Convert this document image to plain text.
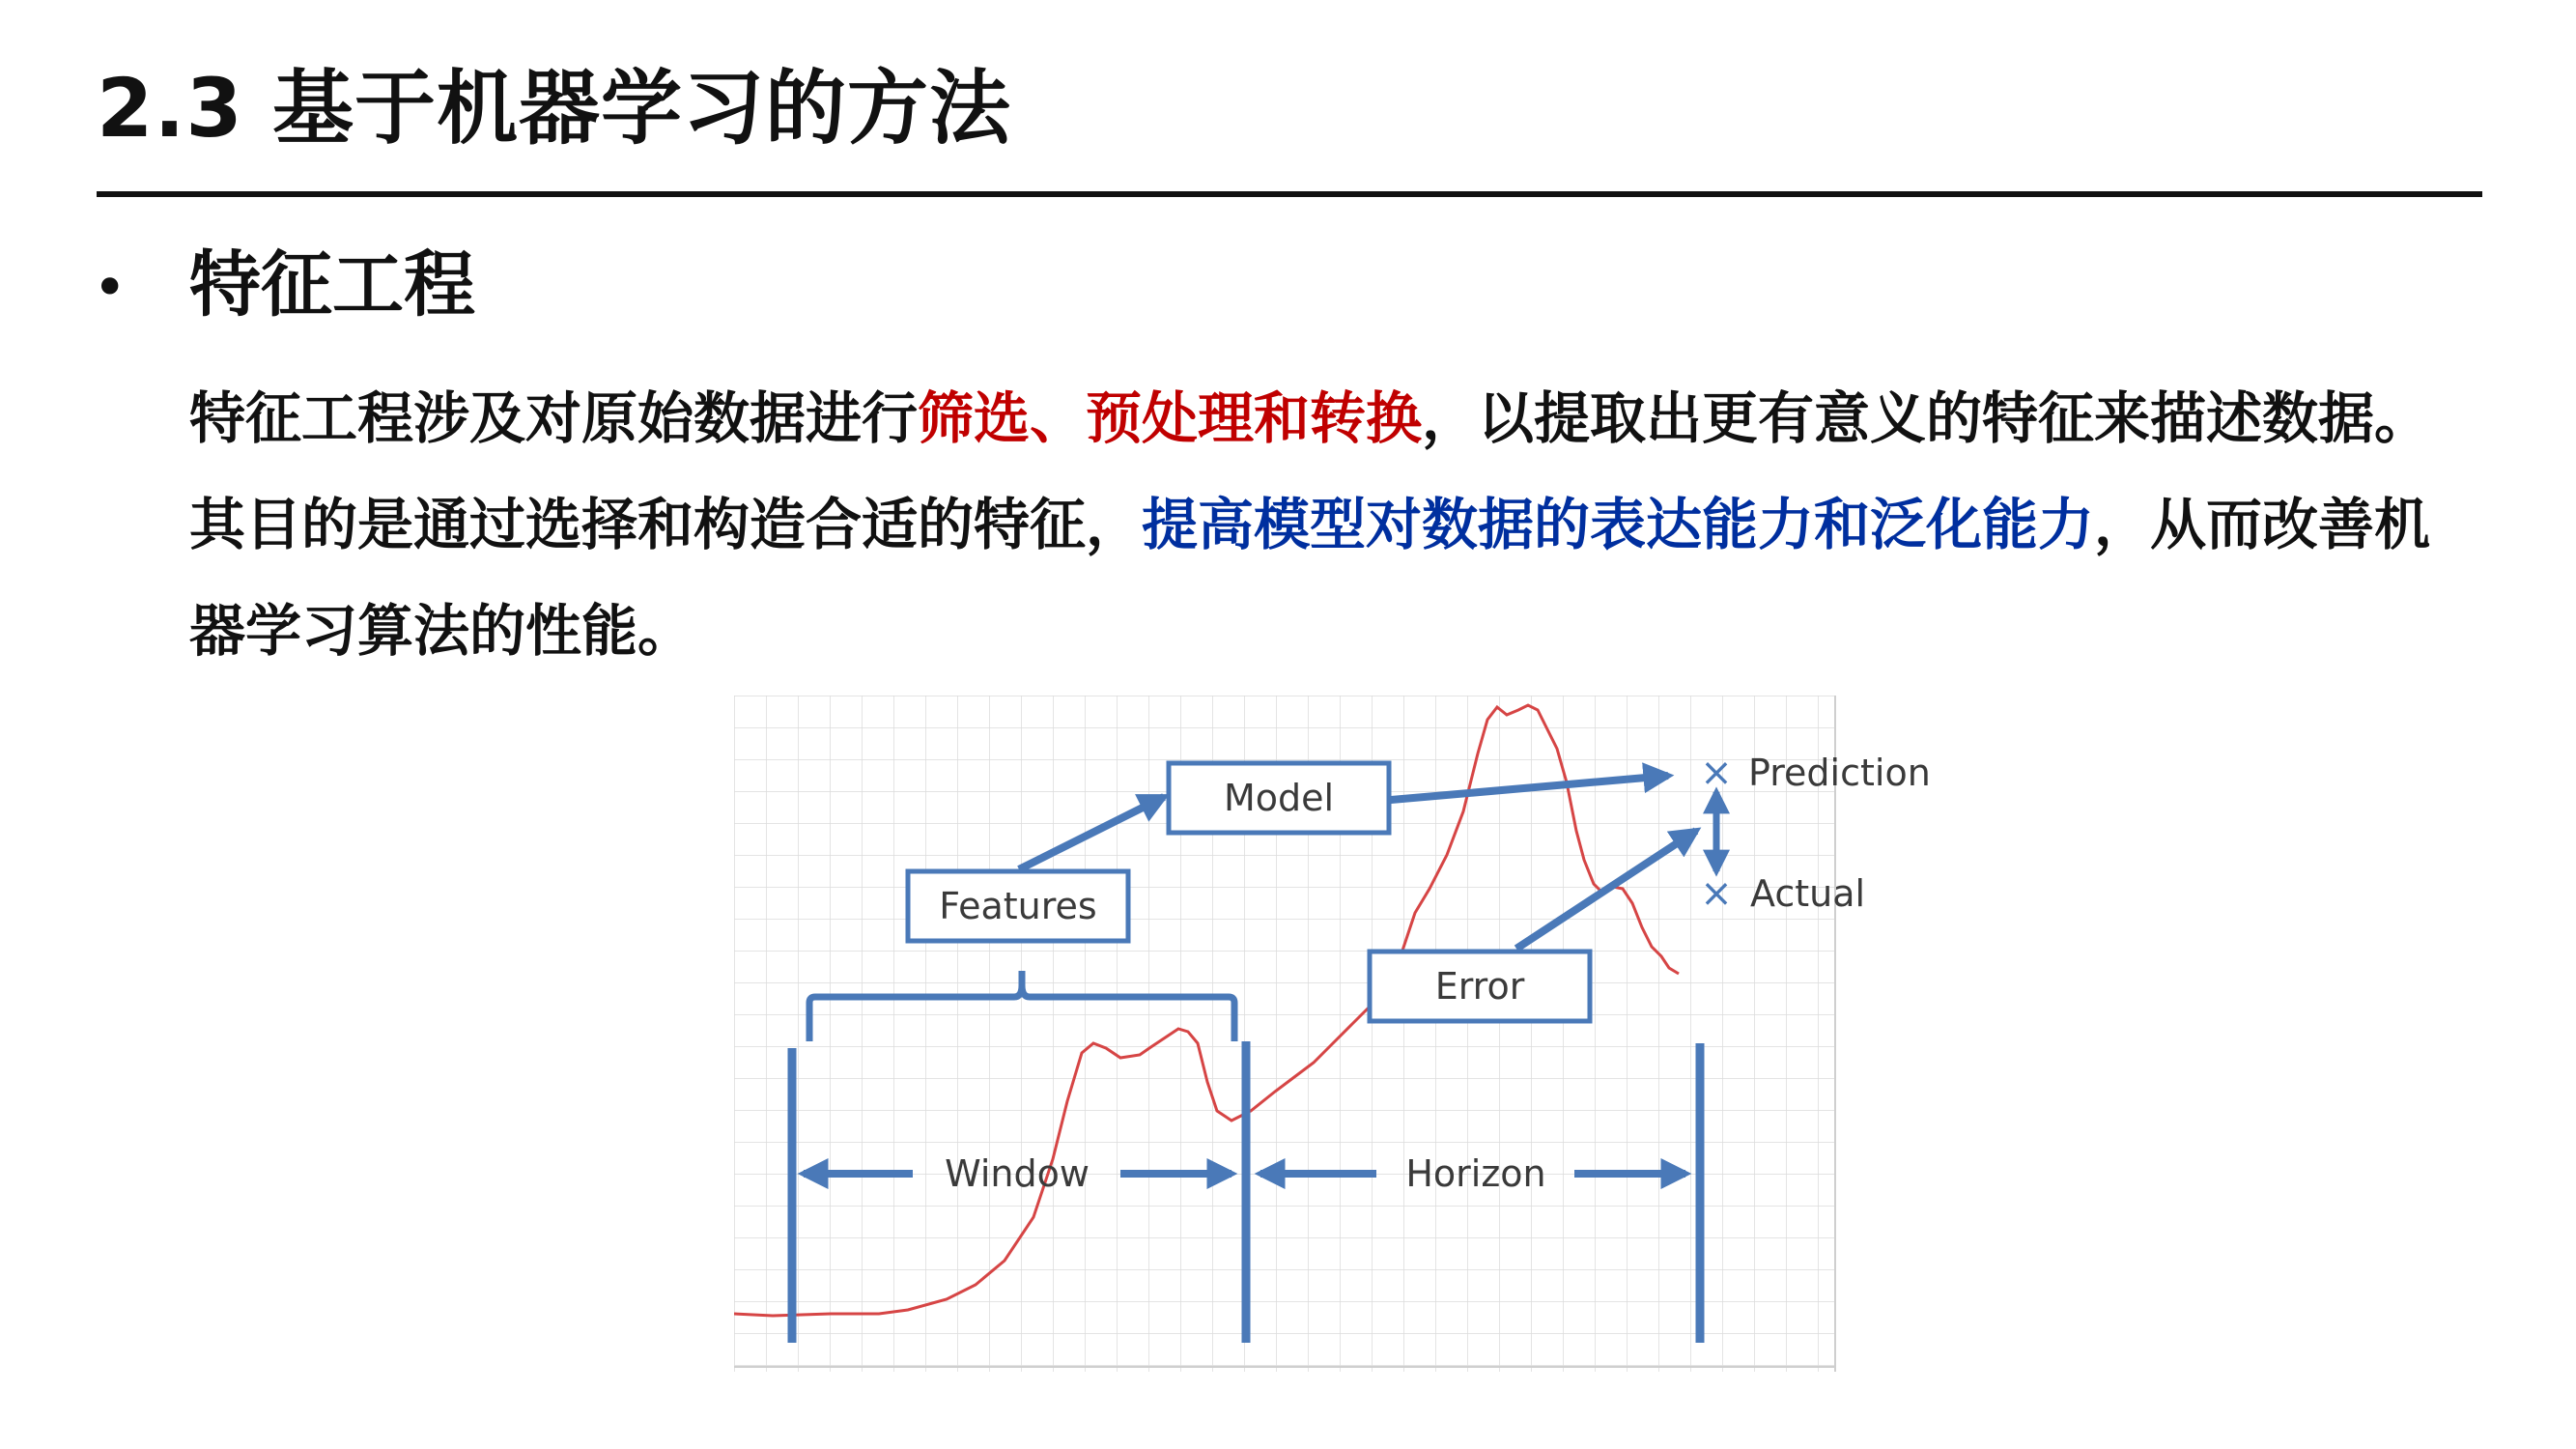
2.3 基于机器学习的方法
• 特征工程

特征工程涉及对原始数据进行筛选、预处理和转换，以提取出更有意义的特征来描述数据。其目的是通过选择和构造合适的特征，提高模型对数据的表达能力和泛化能力，从而改善机器学习算法的性能。

Window	Horizon
Features
Model
Error
×
×
Prediction
Actual
